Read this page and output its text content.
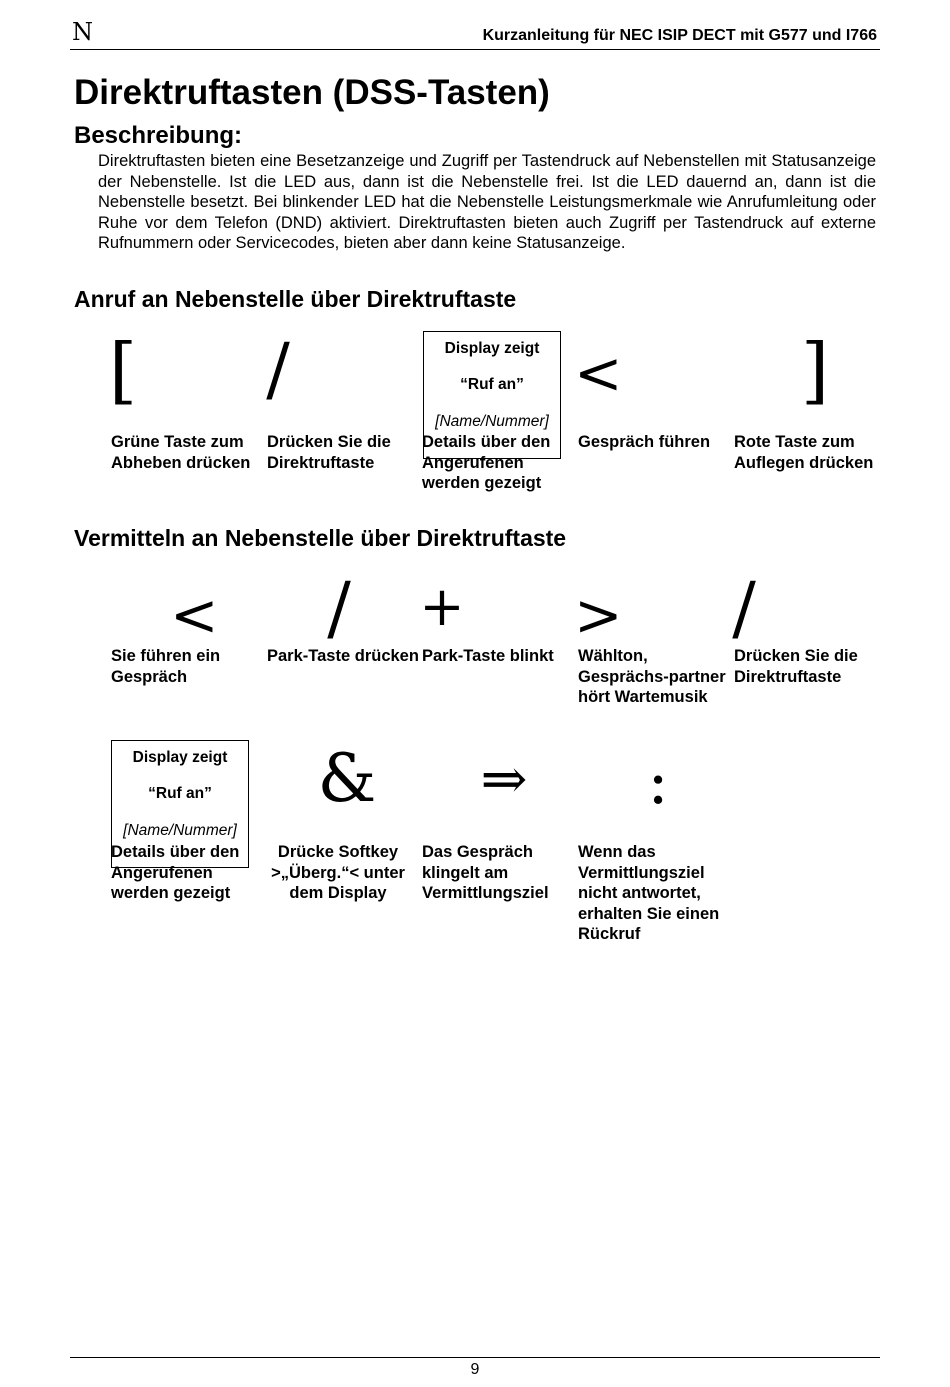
N	Kurzanleitung für NEC ISIP DECT mit G577 und I766
Direktruftasten (DSS-Tasten)
Beschreibung:

Direktruftasten bieten eine Besetzanzeige und Zugriff per Tastendruck auf Nebenstellen mit Statusanzeige der Nebenstelle. Ist die LED aus, dann ist die Nebenstelle frei. Ist die LED dauernd an, dann ist die Nebenstelle besetzt. Bei blinkender LED hat die Nebenstelle Leistungsmerkmale wie Anrufumleitung oder Ruhe vor dem Telefon (DND) aktiviert. Direktruftasten bieten auch Zugriff per Tastendruck auf externe Rufnummern oder Servicecodes, bieten aber dann keine Statusanzeige.

Anruf an Nebenstelle über Direktruftaste
[

Grüne Taste zum Abheben drücken

/

Drücken Sie die Direktruftaste

Display zeigt
“Ruf an”
[Name/Nummer]

Details über den Angerufenen werden gezeigt

<

Gespräch führen

]

Rote Taste zum Auflegen drücken

Vermitteln an Nebenstelle über Direktruftaste
<

Sie führen ein Gespräch

/

Park-Taste drücken

+

Park-Taste blinkt

>

Wählton, Gesprächs-partner hört Wartemusik

/

Drücken Sie die Direktruftaste

Display zeigt
“Ruf an”
[Name/Nummer]

Details über den Angerufenen werden gezeigt

&

Drücke Softkey >„Überg.“< unter dem Display

⇒

Das Gespräch klingelt am Vermittlungsziel

:

Wenn das Vermittlungsziel nicht antwortet, erhalten Sie einen Rückruf

9
